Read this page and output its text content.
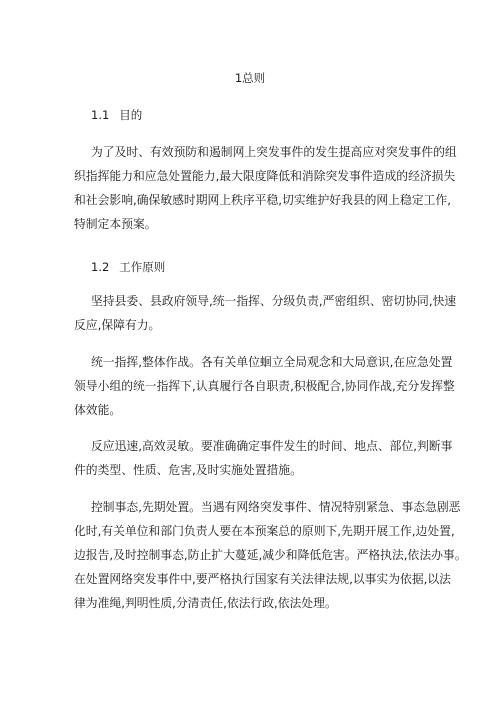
1总则
1.1 目的

为了及时、有效预防和遏制网上突发事件的发生提高应对突发事件的组
织指挥能力和应急处置能力,最大限度降低和消除突发事件造成的经济损失
和社会影响,确保敏感时期网上秩序平稳,切实维护好我县的网上稳定工作,
特制定本预案。

1.2 工作原则

坚持县委、县政府领导,统一指挥、分级负责,严密组织、密切协同,快速
反应,保障有力。

统一指挥,整体作战。各有关单位蛔立全局观念和大局意识,在应急处置
领导小组的统一指挥下,认真履行各自职责,积极配合,协同作战,充分发挥整
体效能。

反应迅速,高效灵敏。要准确确定事件发生的时间、地点、部位,判断事
件的类型、性质、危害,及时实施处置措施。

控制事态,先期处置。当遇有网络突发事件、情况特别紧急、事态急剧恶
化时,有关单位和部门负责人要在本预案总的原则下,先期开展工作,边处置,
边报告,及时控制事态,防止扩大蔓延,减少和降低危害。严格执法,依法办事。
在处置网络突发事件中,要严格执行国家有关法律法规,以事实为依据,以法
律为准绳,判明性质,分清责任,依法行政,依法处理。
